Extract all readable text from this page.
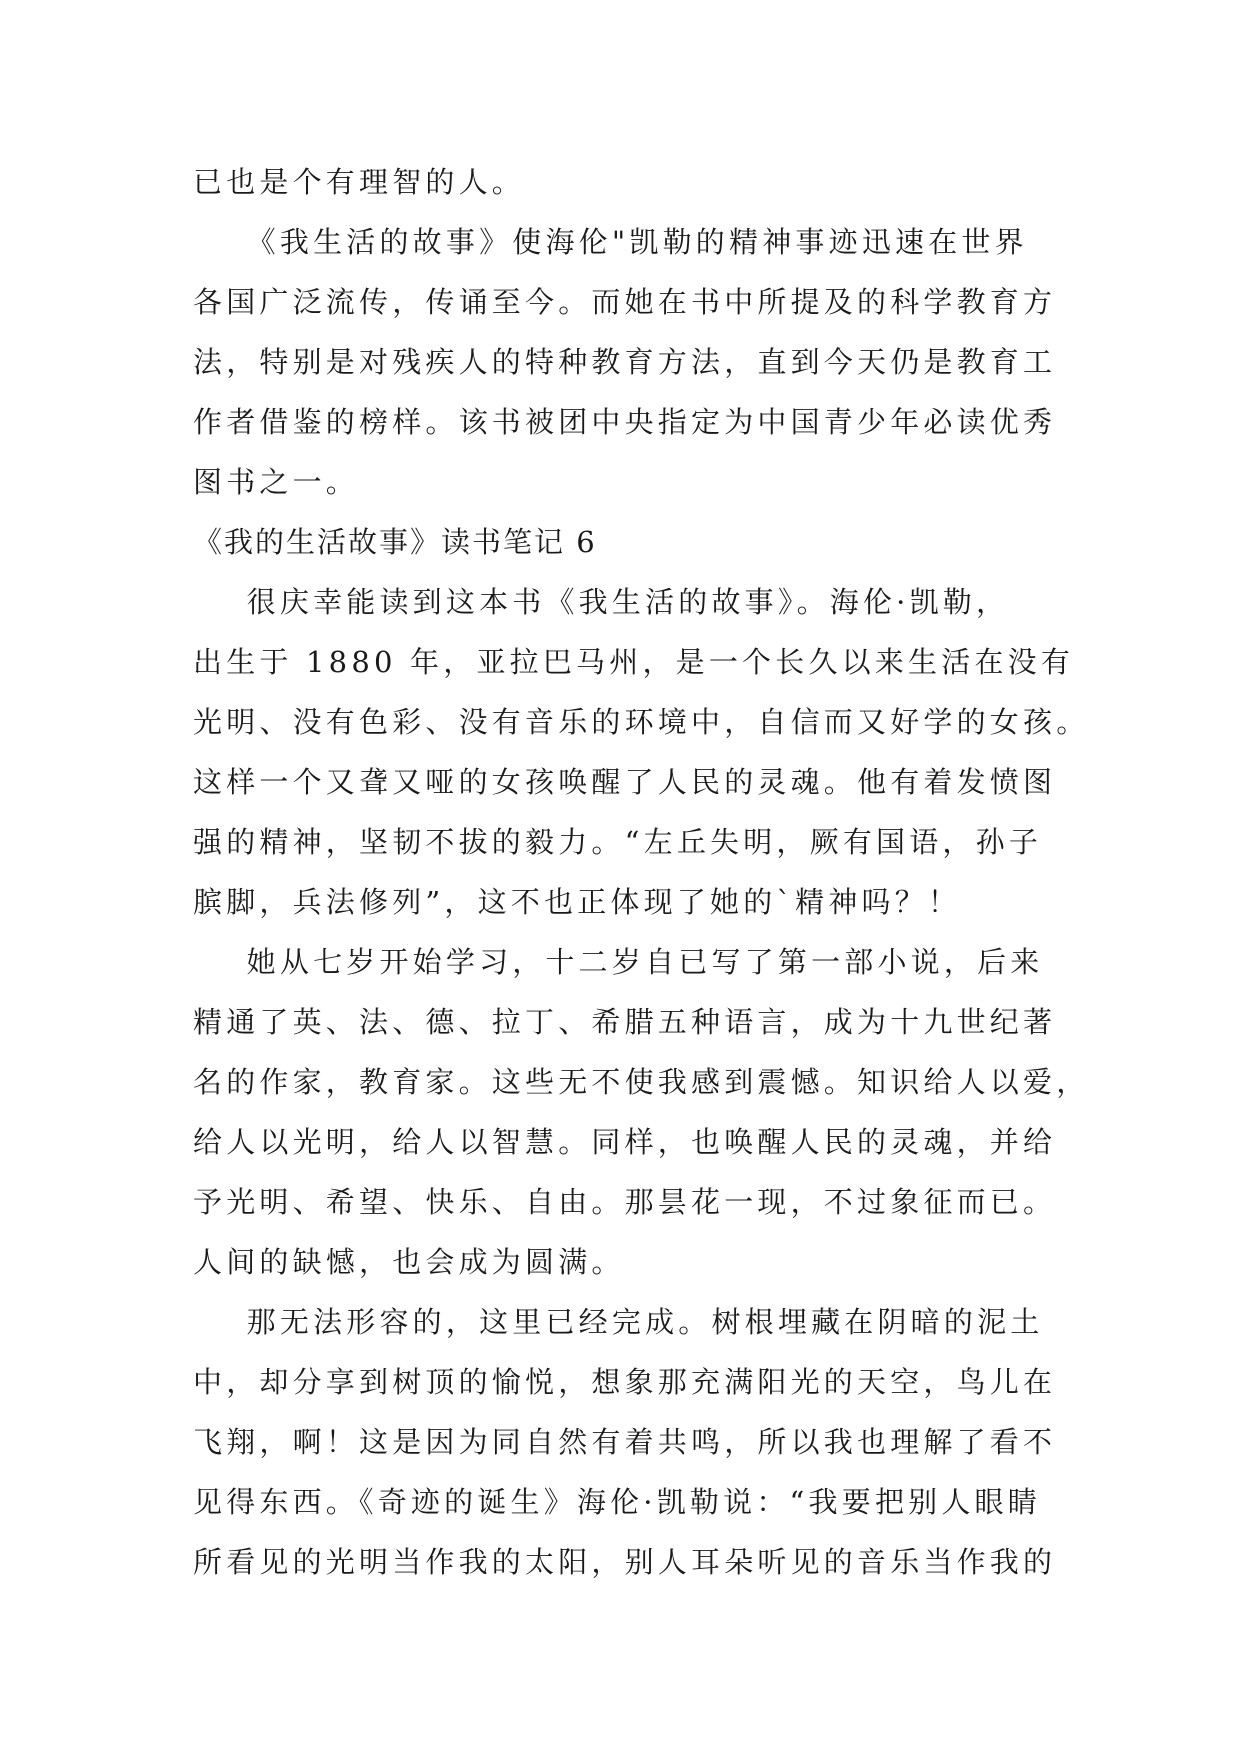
已也是个有理智的人。

《我生活的故事》使海伦"凯勒的精神事迹迅速在世界
各国广泛流传，传诵至今。而她在书中所提及的科学教育方
法，特别是对残疾人的特种教育方法，直到今天仍是教育工
作者借鉴的榜样。该书被团中央指定为中国青少年必读优秀
图书之一。

《我的生活故事》读书笔记 6

很庆幸能读到这本书《我生活的故事》。海伦·凯勒，
出生于 1880 年，亚拉巴马州，是一个长久以来生活在没有
光明、没有色彩、没有音乐的环境中，自信而又好学的女孩。
这样一个又聋又哑的女孩唤醒了人民的灵魂。他有着发愤图
强的精神，坚韧不拔的毅力。“左丘失明，厥有国语，孙子
膑脚，兵法修列”，这不也正体现了她的`精神吗？！

她从七岁开始学习，十二岁自已写了第一部小说，后来
精通了英、法、德、拉丁、希腊五种语言，成为十九世纪著
名的作家，教育家。这些无不使我感到震憾。知识给人以爱，
给人以光明，给人以智慧。同样，也唤醒人民的灵魂，并给
予光明、希望、快乐、自由。那昙花一现，不过象征而已。
人间的缺憾，也会成为圆满。

那无法形容的，这里已经完成。树根埋藏在阴暗的泥土
中，却分享到树顶的愉悦，想象那充满阳光的天空，鸟儿在
飞翔，啊！这是因为同自然有着共鸣，所以我也理解了看不
见得东西。《奇迹的诞生》海伦·凯勒说：“我要把别人眼睛
所看见的光明当作我的太阳，别人耳朵听见的音乐当作我的
